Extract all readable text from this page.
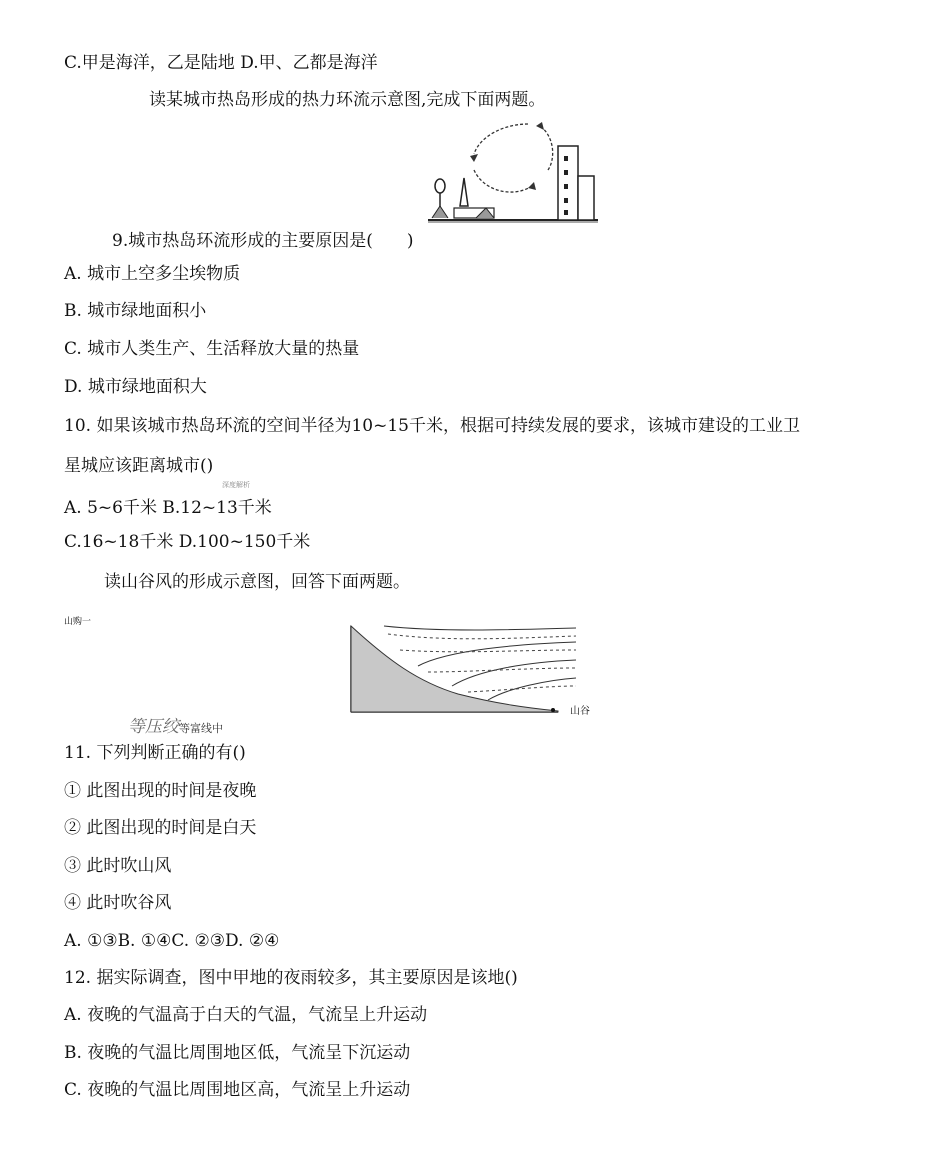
C.甲是海洋，乙是陆地 D.甲、乙都是海洋
读某城市热岛形成的热力环流示意图,完成下面两题。
9.城市热岛环流形成的主要原因是(　　)
A. 城市上空多尘埃物质
B. 城市绿地面积小
C. 城市人类生产、生活释放大量的热量
D. 城市绿地面积大
10. 如果该城市热岛环流的空间半径为10~15千米，根据可持续发展的要求，该城市建设的工业卫
星城应该距离城市()
深度解析
A. 5~6千米 B.12~13千米
C.16~18千米 D.100~150千米
读山谷风的形成示意图，回答下面两题。
山购一
山谷
等压绞等富线中
11. 下列判断正确的有()
① 此图出现的时间是夜晚
② 此图出现的时间是白天
③ 此时吹山风
④ 此时吹谷风
A. ①③B. ①④C. ②③D. ②④
12. 据实际调查，图中甲地的夜雨较多，其主要原因是该地()
A. 夜晚的气温高于白天的气温，气流呈上升运动
B. 夜晚的气温比周围地区低，气流呈下沉运动
C. 夜晚的气温比周围地区高，气流呈上升运动
